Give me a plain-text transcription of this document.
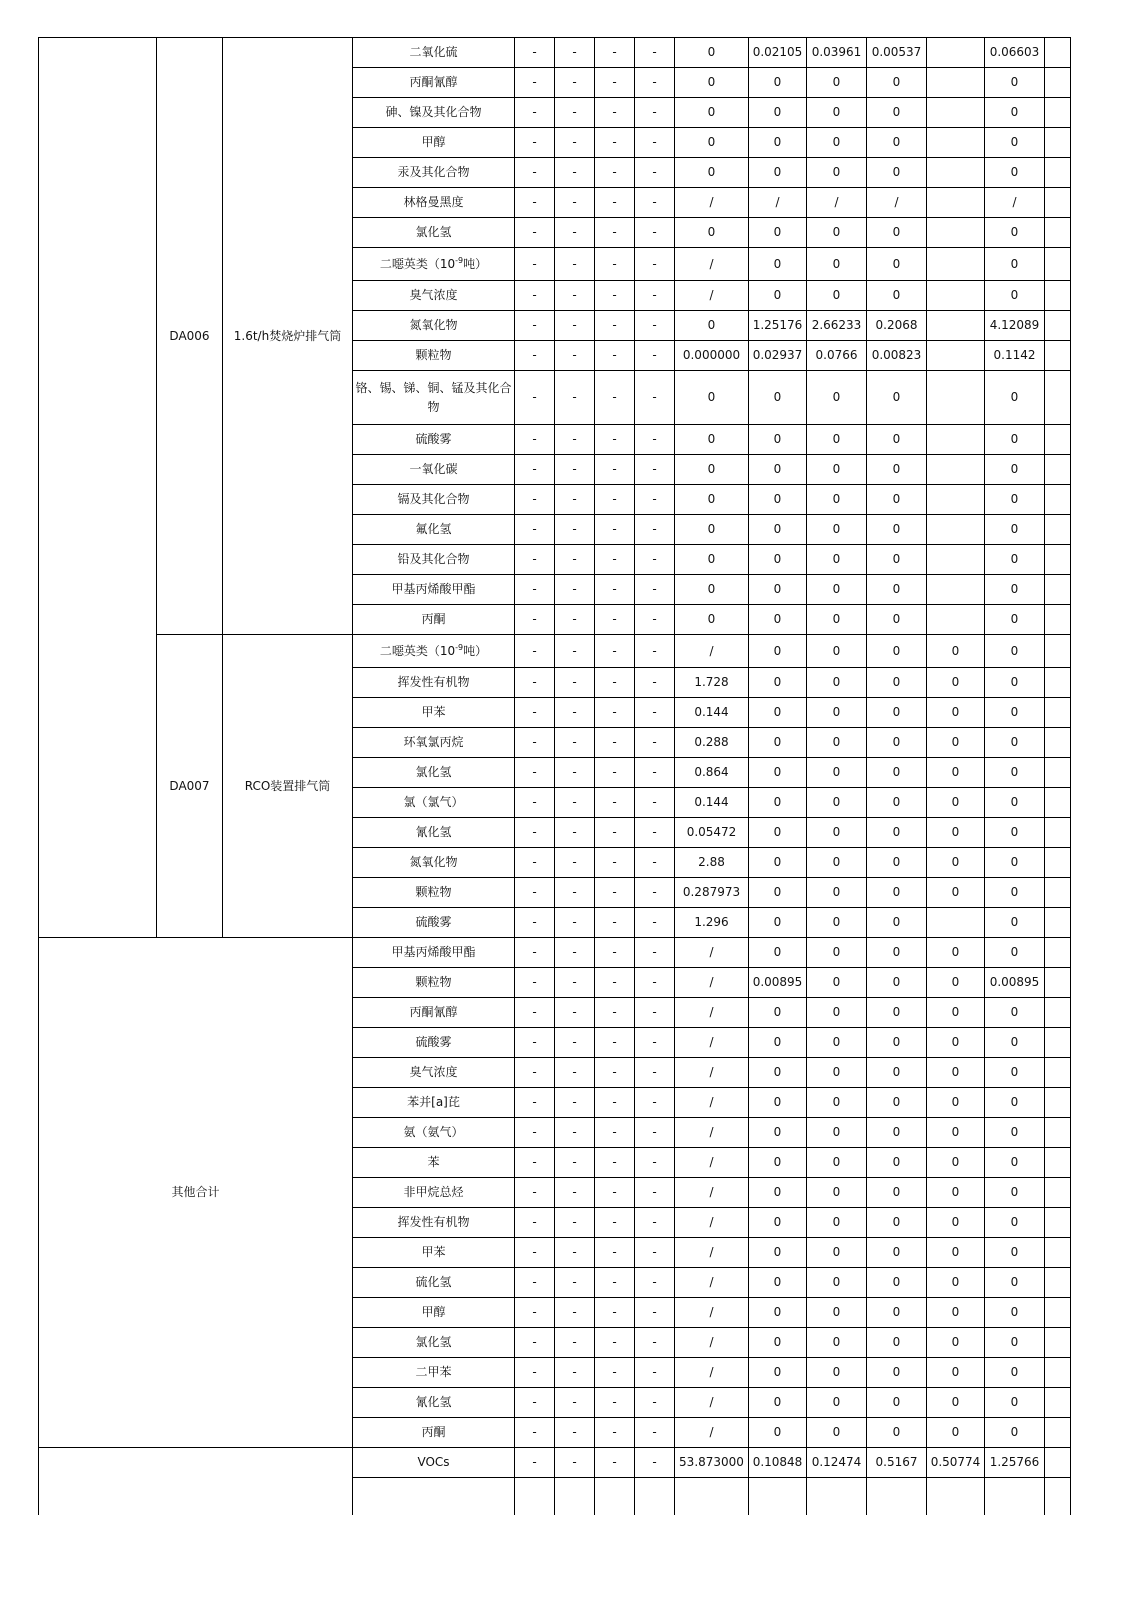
	DA006	1.6t/h焚烧炉排气筒	二氧化硫	-	-	-	-	0	0.02105	0.03961	0.00537		0.06603	
			丙酮氰醇	-	-	-	-	0	0	0	0		0	
			砷、镍及其化合物	-	-	-	-	0	0	0	0		0	
			甲醇	-	-	-	-	0	0	0	0		0	
			汞及其化合物	-	-	-	-	0	0	0	0		0	
			林格曼黑度	-	-	-	-	/	/	/	/		/	
			氯化氢	-	-	-	-	0	0	0	0		0	
			二噁英类（$10^{-9}$吨）	-	-	-	-	/	0	0	0		0	
			臭气浓度	-	-	-	-	/	0	0	0		0	
			氮氧化物	-	-	-	-	0	1.25176	2.66233	0.2068		4.12089	
			颗粒物	-	-	-	-	0.000000	0.02937	0.0766	0.00823		0.1142	
			铬、锡、锑、铜、锰及其化合物	-	-	-	-	0	0	0	0		0	
			硫酸雾	-	-	-	-	0	0	0	0		0	
			一氧化碳	-	-	-	-	0	0	0	0		0	
			镉及其化合物	-	-	-	-	0	0	0	0		0	
			氟化氢	-	-	-	-	0	0	0	0		0	
			铅及其化合物	-	-	-	-	0	0	0	0		0	
			甲基丙烯酸甲酯	-	-	-	-	0	0	0	0		0	
			丙酮	-	-	-	-	0	0	0	0		0	
	DA007	RCO装置排气筒	二噁英类（$10^{-9}$吨）	-	-	-	-	/	0	0	0	0	0	
			挥发性有机物	-	-	-	-	1.728	0	0	0	0	0	
			甲苯	-	-	-	-	0.144	0	0	0	0	0	
			环氧氯丙烷	-	-	-	-	0.288	0	0	0	0	0	
			氯化氢	-	-	-	-	0.864	0	0	0	0	0	
			氯（氯气）	-	-	-	-	0.144	0	0	0	0	0	
			氰化氢	-	-	-	-	0.05472	0	0	0	0	0	
			氮氧化物	-	-	-	-	2.88	0	0	0	0	0	
			颗粒物	-	-	-	-	0.287973	0	0	0	0	0	
			硫酸雾	-	-	-	-	1.296	0	0	0		0	
其他合计			甲基丙烯酸甲酯	-	-	-	-	/	0	0	0	0	0	
			颗粒物	-	-	-	-	/	0.00895	0	0	0	0.00895	
			丙酮氰醇	-	-	-	-	/	0	0	0	0	0	
			硫酸雾	-	-	-	-	/	0	0	0	0	0	
			臭气浓度	-	-	-	-	/	0	0	0	0	0	
			苯并[a]芘	-	-	-	-	/	0	0	0	0	0	
			氨（氨气）	-	-	-	-	/	0	0	0	0	0	
			苯	-	-	-	-	/	0	0	0	0	0	
			非甲烷总烃	-	-	-	-	/	0	0	0	0	0	
			挥发性有机物	-	-	-	-	/	0	0	0	0	0	
			甲苯	-	-	-	-	/	0	0	0	0	0	
			硫化氢	-	-	-	-	/	0	0	0	0	0	
			甲醇	-	-	-	-	/	0	0	0	0	0	
			氯化氢	-	-	-	-	/	0	0	0	0	0	
			二甲苯	-	-	-	-	/	0	0	0	0	0	
			氰化氢	-	-	-	-	/	0	0	0	0	0	
			丙酮	-	-	-	-	/	0	0	0	0	0	
			VOCs	-	-	-	-	53.873000	0.10848	0.12474	0.5167	0.50774	1.25766	
